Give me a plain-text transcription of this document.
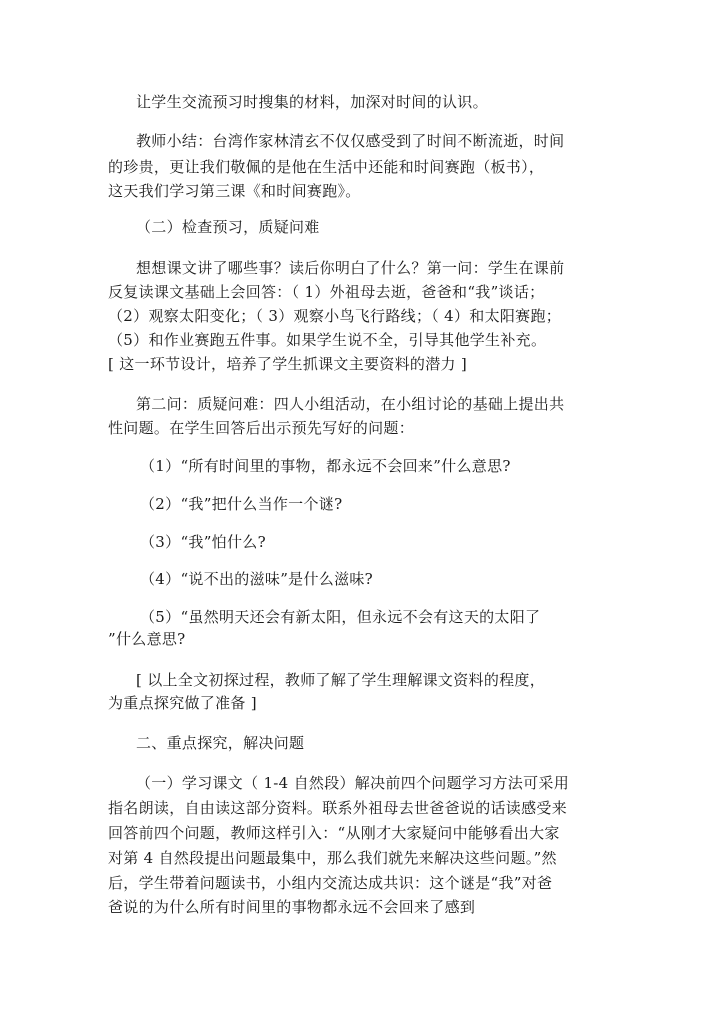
让学生交流预习时搜集的材料，加深对时间的认识。
教师小结：台湾作家林清玄不仅仅感受到了时间不断流逝，时间
的珍贵，更让我们敬佩的是他在生活中还能和时间赛跑（板书），
这天我们学习第三课《和时间赛跑》。
（二）检查预习，质疑问难
想想课文讲了哪些事？读后你明白了什么？第一问：学生在课前
反复读课文基础上会回答：（ 1）外祖母去逝，爸爸和“我”谈话；
（2）观察太阳变化；（ 3）观察小鸟飞行路线；（ 4）和太阳赛跑；
（5）和作业赛跑五件事。如果学生说不全，引导其他学生补充。
[ 这一环节设计，培养了学生抓课文主要资料的潜力 ]
第二问：质疑问难：四人小组活动，在小组讨论的基础上提出共
性问题。在学生回答后出示预先写好的问题：
（1）“所有时间里的事物，都永远不会回来”什么意思?
（2）“我”把什么当作一个谜?
（3）“我”怕什么?
（4）“说不出的滋味”是什么滋味?
（5）“虽然明天还会有新太阳，但永远不会有这天的太阳了
”什么意思?
[ 以上全文初探过程，教师了解了学生理解课文资料的程度，
为重点探究做了准备 ]
二、重点探究，解决问题
（一）学习课文（ 1-4 自然段）解决前四个问题学习方法可采用
指名朗读，自由读这部分资料。联系外祖母去世爸爸说的话读感受来
回答前四个问题，教师这样引入：“从刚才大家疑问中能够看出大家
对第 4 自然段提出问题最集中，那么我们就先来解决这些问题。”然
后，学生带着问题读书，小组内交流达成共识：这个谜是“我”对爸
爸说的为什么所有时间里的事物都永远不会回来了感到
